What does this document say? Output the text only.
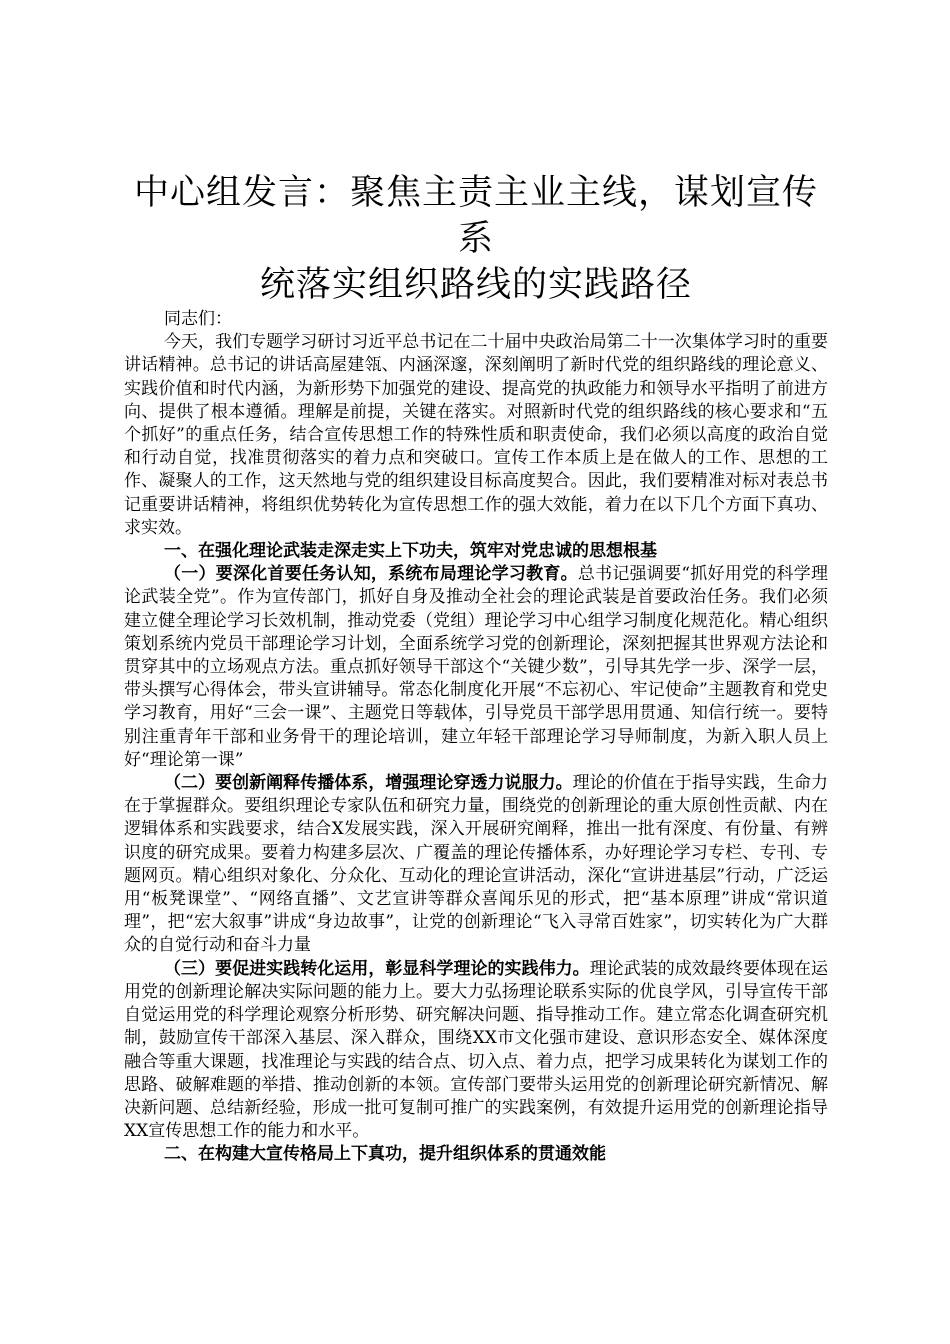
中心组发言：聚焦主责主业主线，谋划宣传系
统落实组织路线的实践路径

同志们：

今天，我们专题学习研讨习近平总书记在二十届中央政治局第二十一次集体学习时的重要讲话精神。总书记的讲话高屋建瓴、内涵深邃，深刻阐明了新时代党的组织路线的理论意义、实践价值和时代内涵，为新形势下加强党的建设、提高党的执政能力和领导水平指明了前进方向、提供了根本遵循。理解是前提，关键在落实。对照新时代党的组织路线的核心要求和“五个抓好”的重点任务，结合宣传思想工作的特殊性质和职责使命，我们必须以高度的政治自觉和行动自觉，找准贯彻落实的着力点和突破口。宣传工作本质上是在做人的工作、思想的工作、凝聚人的工作，这天然地与党的组织建设目标高度契合。因此，我们要精准对标对表总书记重要讲话精神，将组织优势转化为宣传思想工作的强大效能，着力在以下几个方面下真功、求实效。

一、在强化理论武装走深走实上下功夫，筑牢对党忠诚的思想根基

（一）要深化首要任务认知，系统布局理论学习教育。总书记强调要“抓好用党的科学理论武装全党”。作为宣传部门，抓好自身及推动全社会的理论武装是首要政治任务。我们必须建立健全理论学习长效机制，推动党委（党组）理论学习中心组学习制度化规范化。精心组织策划系统内党员干部理论学习计划，全面系统学习党的创新理论，深刻把握其世界观方法论和贯穿其中的立场观点方法。重点抓好领导干部这个“关键少数”，引导其先学一步、深学一层，带头撰写心得体会，带头宣讲辅导。常态化制度化开展“不忘初心、牢记使命”主题教育和党史学习教育，用好“三会一课”、主题党日等载体，引导党员干部学思用贯通、知信行统一。要特别注重青年干部和业务骨干的理论培训，建立年轻干部理论学习导师制度，为新入职人员上好“理论第一课”

（二）要创新阐释传播体系，增强理论穿透力说服力。理论的价值在于指导实践，生命力在于掌握群众。要组织理论专家队伍和研究力量，围绕党的创新理论的重大原创性贡献、内在逻辑体系和实践要求，结合X发展实践，深入开展研究阐释，推出一批有深度、有份量、有辨识度的研究成果。要着力构建多层次、广覆盖的理论传播体系，办好理论学习专栏、专刊、专题网页。精心组织对象化、分众化、互动化的理论宣讲活动，深化“宣讲进基层”行动，广泛运用“板凳课堂”、“网络直播”、文艺宣讲等群众喜闻乐见的形式，把“基本原理”讲成“常识道理”，把“宏大叙事”讲成“身边故事”，让党的创新理论“飞入寻常百姓家”，切实转化为广大群众的自觉行动和奋斗力量

（三）要促进实践转化运用，彰显科学理论的实践伟力。理论武装的成效最终要体现在运用党的创新理论解决实际问题的能力上。要大力弘扬理论联系实际的优良学风，引导宣传干部自觉运用党的科学理论观察分析形势、研究解决问题、指导推动工作。建立常态化调查研究机制，鼓励宣传干部深入基层、深入群众，围绕XX市文化强市建设、意识形态安全、媒体深度融合等重大课题，找准理论与实践的结合点、切入点、着力点，把学习成果转化为谋划工作的思路、破解难题的举措、推动创新的本领。宣传部门要带头运用党的创新理论研究新情况、解决新问题、总结新经验，形成一批可复制可推广的实践案例，有效提升运用党的创新理论指导XX宣传思想工作的能力和水平。

二、在构建大宣传格局上下真功，提升组织体系的贯通效能
